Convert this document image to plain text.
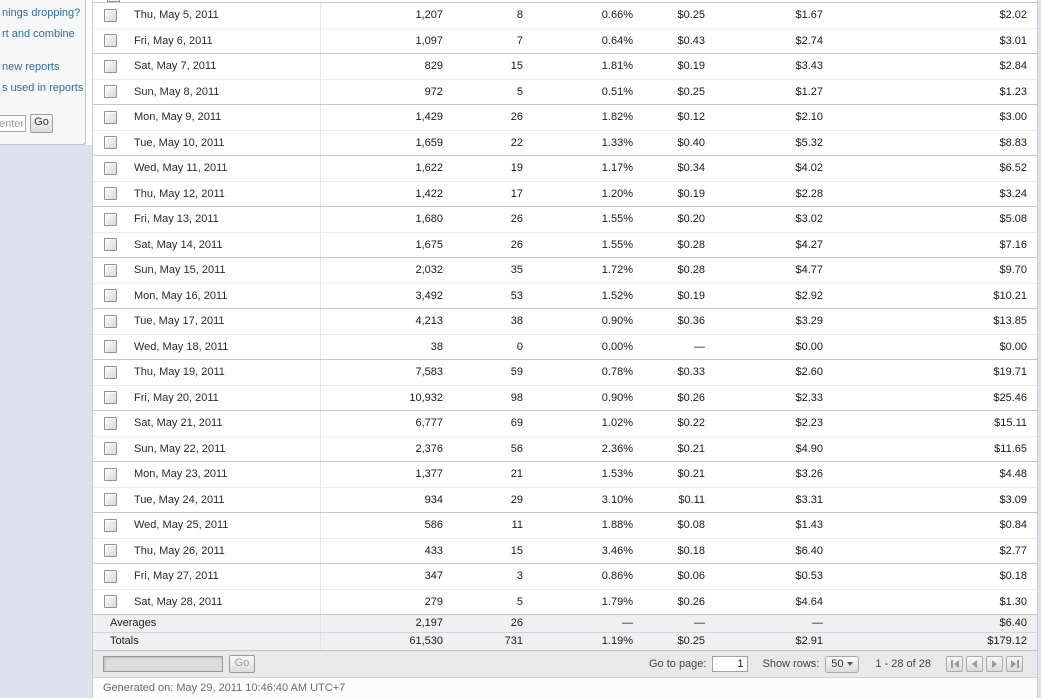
nings dropping?
rt and combine
new reports
s used in reports
enter
Go
Thu, May 5, 2011	1,207	8	0.66%	$0.25	$1.67	$2.02
Fri, May 6, 2011	1,097	7	0.64%	$0.43	$2.74	$3.01
Sat, May 7, 2011	829	15	1.81%	$0.19	$3.43	$2.84
Sun, May 8, 2011	972	5	0.51%	$0.25	$1.27	$1.23
Mon, May 9, 2011	1,429	26	1.82%	$0.12	$2.10	$3.00
Tue, May 10, 2011	1,659	22	1.33%	$0.40	$5.32	$8.83
Wed, May 11, 2011	1,622	19	1.17%	$0.34	$4.02	$6.52
Thu, May 12, 2011	1,422	17	1.20%	$0.19	$2.28	$3.24
Fri, May 13, 2011	1,680	26	1.55%	$0.20	$3.02	$5.08
Sat, May 14, 2011	1,675	26	1.55%	$0.28	$4.27	$7.16
Sun, May 15, 2011	2,032	35	1.72%	$0.28	$4.77	$9.70
Mon, May 16, 2011	3,492	53	1.52%	$0.19	$2.92	$10.21
Tue, May 17, 2011	4,213	38	0.90%	$0.36	$3.29	$13.85
Wed, May 18, 2011	38	0	0.00%	—	$0.00	$0.00
Thu, May 19, 2011	7,583	59	0.78%	$0.33	$2.60	$19.71
Fri, May 20, 2011	10,932	98	0.90%	$0.26	$2.33	$25.46
Sat, May 21, 2011	6,777	69	1.02%	$0.22	$2.23	$15.11
Sun, May 22, 2011	2,376	56	2.36%	$0.21	$4.90	$11.65
Mon, May 23, 2011	1,377	21	1.53%	$0.21	$3.26	$4.48
Tue, May 24, 2011	934	29	3.10%	$0.11	$3.31	$3.09
Wed, May 25, 2011	586	11	1.88%	$0.08	$1.43	$0.84
Thu, May 26, 2011	433	15	3.46%	$0.18	$6.40	$2.77
Fri, May 27, 2011	347	3	0.86%	$0.06	$0.53	$0.18
Sat, May 28, 2011	279	5	1.79%	$0.26	$4.64	$1.30
Averages	2,197	26	—	—	—	$6.40
Totals	61,530	731	1.19%	$0.25	$2.91	$179.12
Go	Go to page:
1	Show rows: 50	1 - 28 of 28
Generated on: May 29, 2011 10:46:40 AM UTC+7
